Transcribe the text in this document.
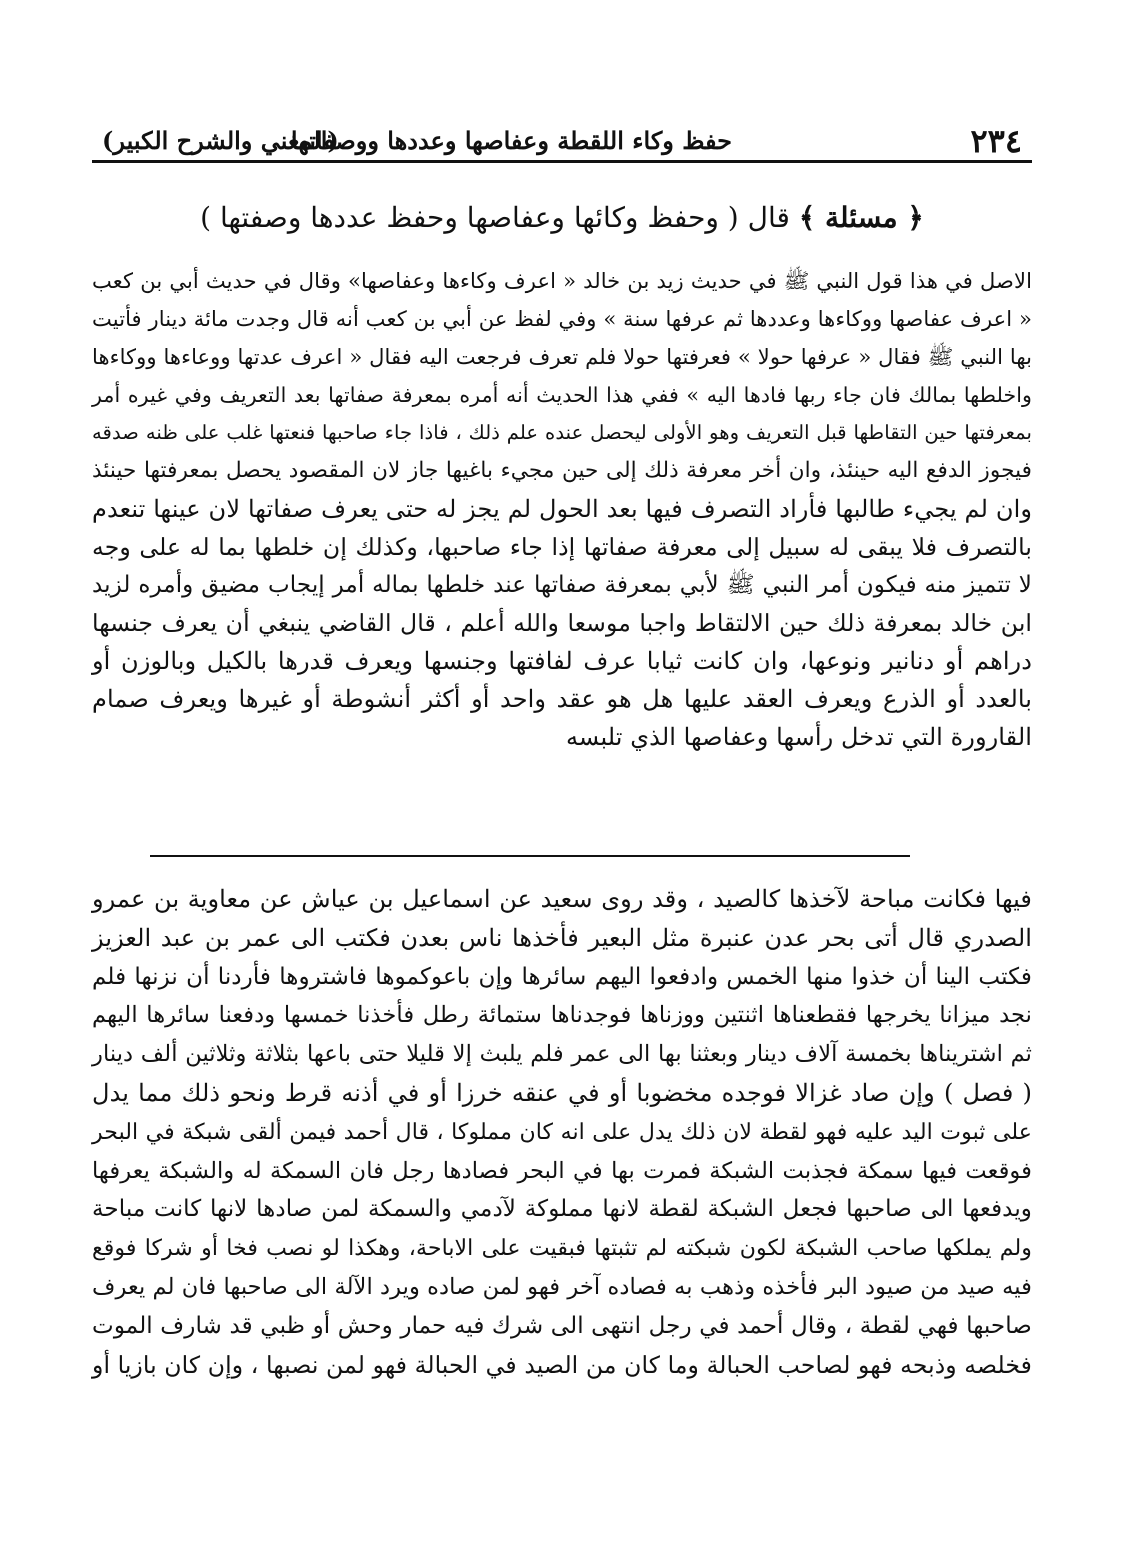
٢٣٤
حفظ وكاء اللقطة وعفاصها وعددها ووصفاتها
(المغني والشرح الكبير)
﴿ مسئلة ﴾ قال ( وحفظ وكائها وعفاصها وحفظ عددها وصفتها )
الاصل في هذا قول النبي ﷺ في حديث زيد بن خالد « اعرف وكاءها وعفاصها» وقال في حديث أبي بن كعب
« اعرف عفاصها ووكاءها وعددها ثم عرفها سنة » وفي لفظ عن أبي بن كعب أنه قال وجدت مائة دينار فأتيت
بها النبي ﷺ فقال « عرفها حولا » فعرفتها حولا فلم تعرف فرجعت اليه فقال « اعرف عدتها ووعاءها ووكاءها
واخلطها بمالك فان جاء ربها فادها اليه » ففي هذا الحديث أنه أمره بمعرفة صفاتها بعد التعريف وفي غيره أمر
بمعرفتها حين التقاطها قبل التعريف وهو الأولى ليحصل عنده علم ذلك ، فاذا جاء صاحبها فنعتها غلب على ظنه صدقه
فيجوز الدفع اليه حينئذ، وان أخر معرفة ذلك إلى حين مجيء باغيها جاز لان المقصود يحصل بمعرفتها حينئذ
وان لم يجيء طالبها فأراد التصرف فيها بعد الحول لم يجز له حتى يعرف صفاتها لان عينها تنعدم
بالتصرف فلا يبقى له سبيل إلى معرفة صفاتها إذا جاء صاحبها، وكذلك إن خلطها بما له على وجه
لا تتميز منه فيكون أمر النبي ﷺ لأبي بمعرفة صفاتها عند خلطها بماله أمر إيجاب مضيق وأمره لزيد
ابن خالد بمعرفة ذلك حين الالتقاط واجبا موسعا والله أعلم ، قال القاضي ينبغي أن يعرف جنسها
دراهم أو دنانير ونوعها، وان كانت ثيابا عرف لفافتها وجنسها ويعرف قدرها بالكيل وبالوزن أو
بالعدد أو الذرع ويعرف العقد عليها هل هو عقد واحد أو أكثر أنشوطة أو غيرها ويعرف صمام
القارورة التي تدخل رأسها وعفاصها الذي تلبسه
فيها فكانت مباحة لآخذها كالصيد ، وقد روى سعيد عن اسماعيل بن عياش عن معاوية بن عمرو
الصدري قال أتى بحر عدن عنبرة مثل البعير فأخذها ناس بعدن فكتب الى عمر بن عبد العزيز
فكتب الينا أن خذوا منها الخمس وادفعوا اليهم سائرها وإن باعوكموها فاشتروها فأردنا أن نزنها فلم
نجد ميزانا يخرجها فقطعناها اثنتين ووزناها فوجدناها ستمائة رطل فأخذنا خمسها ودفعنا سائرها اليهم
ثم اشتريناها بخمسة آلاف دينار وبعثنا بها الى عمر فلم يلبث إلا قليلا حتى باعها بثلاثة وثلاثين ألف دينار
( فصل ) وإن صاد غزالا فوجده مخضوبا أو في عنقه خرزا أو في أذنه قرط ونحو ذلك مما يدل
على ثبوت اليد عليه فهو لقطة لان ذلك يدل على انه كان مملوكا ، قال أحمد فيمن ألقى شبكة في البحر
فوقعت فيها سمكة فجذبت الشبكة فمرت بها في البحر فصادها رجل فان السمكة له والشبكة يعرفها
ويدفعها الى صاحبها فجعل الشبكة لقطة لانها مملوكة لآدمي والسمكة لمن صادها لانها كانت مباحة
ولم يملكها صاحب الشبكة لكون شبكته لم تثبتها فبقيت على الاباحة، وهكذا لو نصب فخا أو شركا فوقع
فيه صيد من صيود البر فأخذه وذهب به فصاده آخر فهو لمن صاده ويرد الآلة الى صاحبها فان لم يعرف
صاحبها فهي لقطة ، وقال أحمد في رجل انتهى الى شرك فيه حمار وحش أو ظبي قد شارف الموت
فخلصه وذبحه فهو لصاحب الحبالة وما كان من الصيد في الحبالة فهو لمن نصبها ، وإن كان بازيا أو
